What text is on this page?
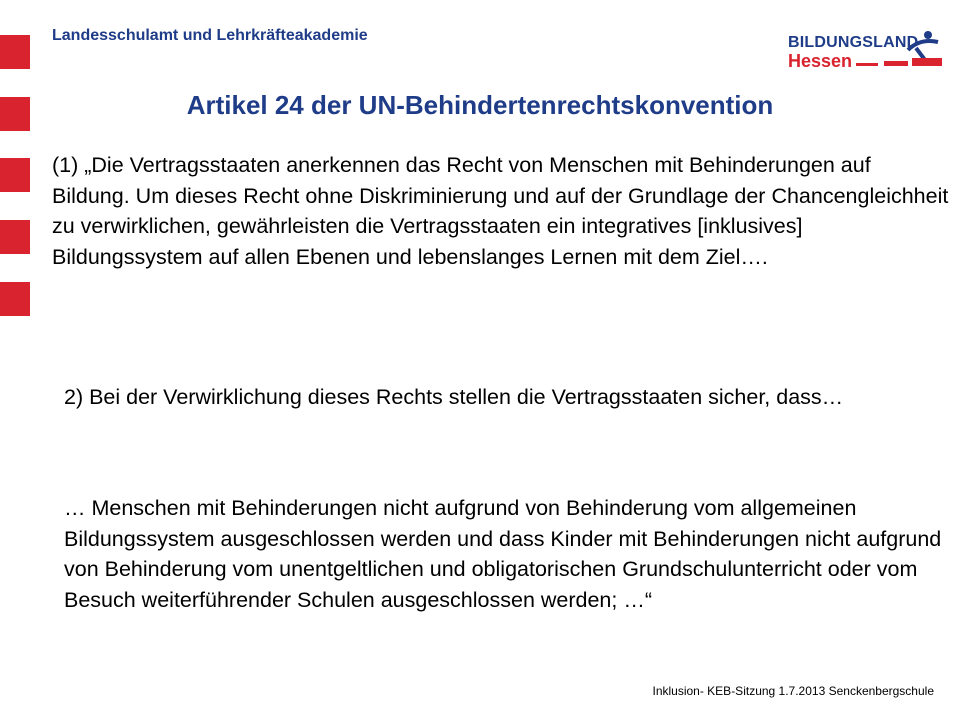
Landesschulamt und Lehrkräfteakademie	BILDUNGSLAND
Hessen
Artikel 24 der UN-Behindertenrechtskonvention
(1) „Die Vertragsstaaten anerkennen das Recht von Menschen mit Behinderungen auf Bildung. Um dieses Recht ohne Diskriminierung und auf der Grundlage der Chancengleichheit zu verwirklichen, gewährleisten die Vertragsstaaten ein integratives [inklusives] Bildungssystem auf allen Ebenen und lebenslanges Lernen mit dem Ziel….
2) Bei der Verwirklichung dieses Rechts stellen die Vertragsstaaten sicher, dass…
… Menschen mit Behinderungen nicht aufgrund von Behinderung vom allgemeinen Bildungssystem ausgeschlossen werden und dass Kinder mit Behinderungen nicht aufgrund von Behinderung vom unentgeltlichen und obligatorischen Grundschulunterricht oder vom Besuch weiterführender Schulen ausgeschlossen werden; …“
Inklusion- KEB-Sitzung 1.7.2013 Senckenbergschule
